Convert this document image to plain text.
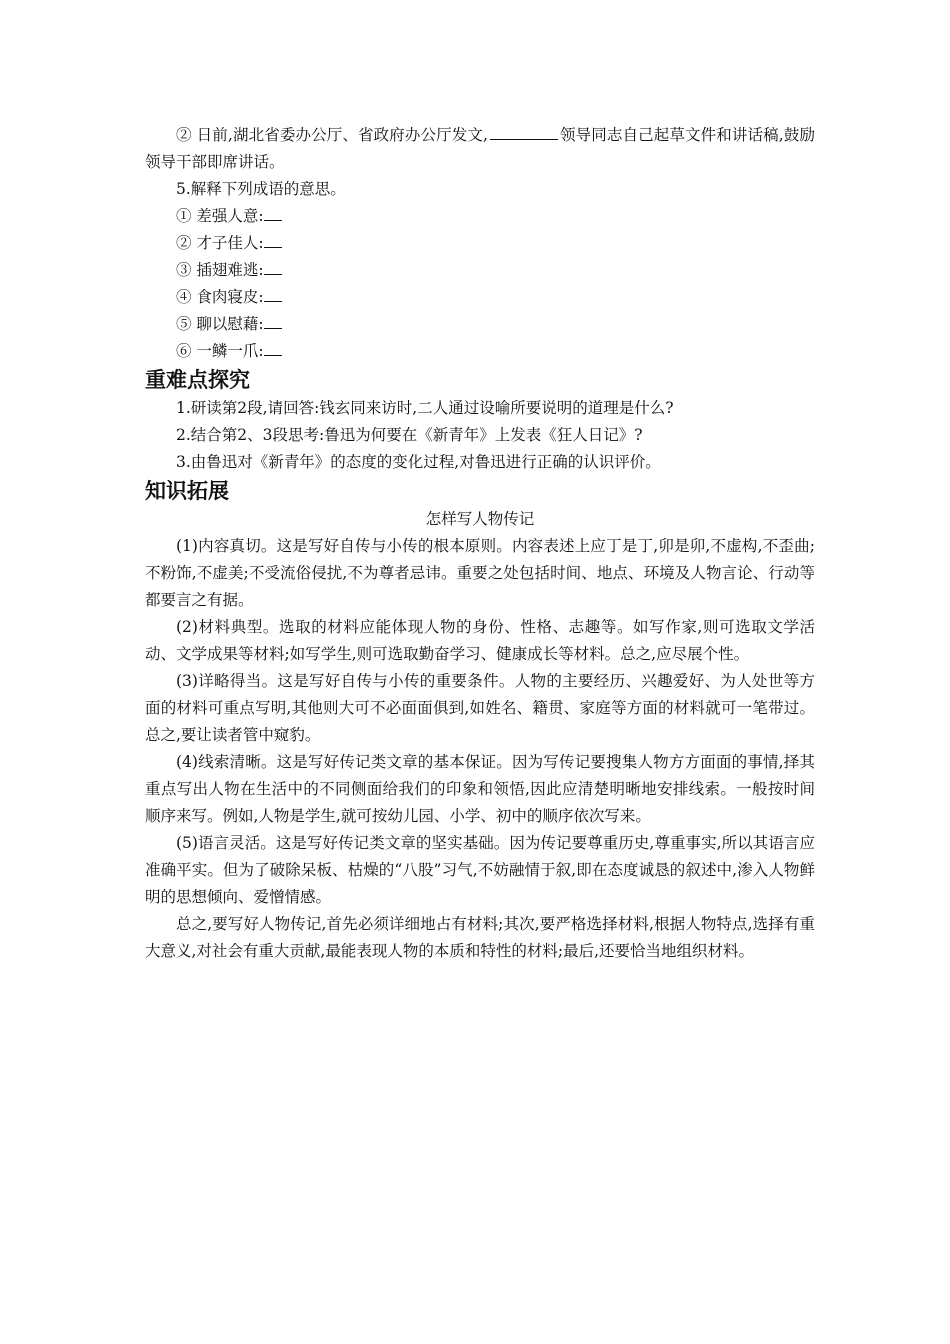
② 日前,湖北省委办公厅、省政府办公厅发文,	领导同志自己起草文件和讲话稿,鼓励领导干部即席讲话。

5.解释下列成语的意思。

① 差强人意:

② 才子佳人:

③ 插翅难逃:

④ 食肉寝皮:

⑤ 聊以慰藉:

⑥ 一鳞一爪:

重难点探究

1.研读第2段,请回答:钱玄同来访时,二人通过设喻所要说明的道理是什么?

2.结合第2、3段思考:鲁迅为何要在《新青年》上发表《狂人日记》?

3.由鲁迅对《新青年》的态度的变化过程,对鲁迅进行正确的认识评价。

知识拓展

怎样写人物传记

(1)内容真切。这是写好自传与小传的根本原则。内容表述上应丁是丁,卯是卯,不虚构,不歪曲;不粉饰,不虚美;不受流俗侵扰,不为尊者忌讳。重要之处包括时间、地点、环境及人物言论、行动等都要言之有据。

(2)材料典型。选取的材料应能体现人物的身份、性格、志趣等。如写作家,则可选取文学活动、文学成果等材料;如写学生,则可选取勤奋学习、健康成长等材料。总之,应尽展个性。

(3)详略得当。这是写好自传与小传的重要条件。人物的主要经历、兴趣爱好、为人处世等方面的材料可重点写明,其他则大可不必面面俱到,如姓名、籍贯、家庭等方面的材料就可一笔带过。总之,要让读者管中窥豹。

(4)线索清晰。这是写好传记类文章的基本保证。因为写传记要搜集人物方方面面的事情,择其重点写出人物在生活中的不同侧面给我们的印象和领悟,因此应清楚明晰地安排线索。一般按时间顺序来写。例如,人物是学生,就可按幼儿园、小学、初中的顺序依次写来。

(5)语言灵活。这是写好传记类文章的坚实基础。因为传记要尊重历史,尊重事实,所以其语言应准确平实。但为了破除呆板、枯燥的“八股”习气,不妨融情于叙,即在态度诚恳的叙述中,渗入人物鲜明的思想倾向、爱憎情感。

总之,要写好人物传记,首先必须详细地占有材料;其次,要严格选择材料,根据人物特点,选择有重大意义,对社会有重大贡献,最能表现人物的本质和特性的材料;最后,还要恰当地组织材料。
